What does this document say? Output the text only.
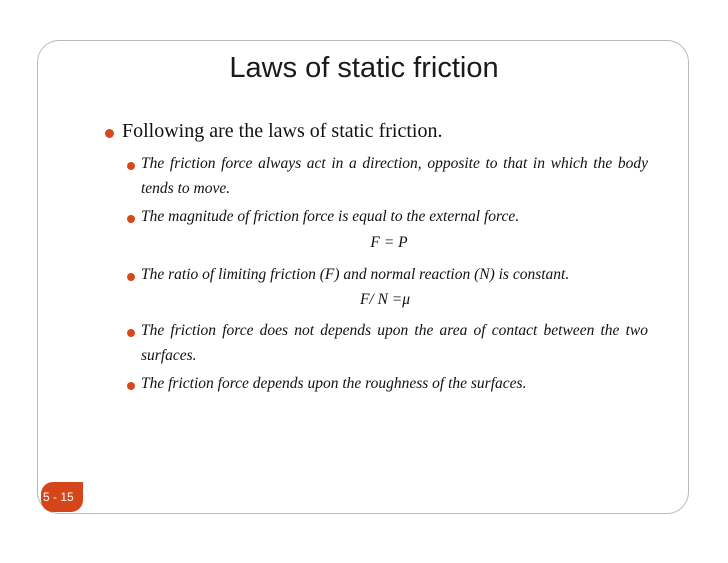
Laws of static friction
Following are the laws of static friction.
The friction force always act in a direction, opposite to that in which the body
tends to move.
The magnitude of friction force is equal to the external force.
F = P
The ratio of limiting friction (F) and normal reaction (N) is constant.
F/ N =μ
The friction force does not depends upon the area of contact between the two
surfaces.
The friction force depends upon the roughness of the surfaces.
5 - 15
